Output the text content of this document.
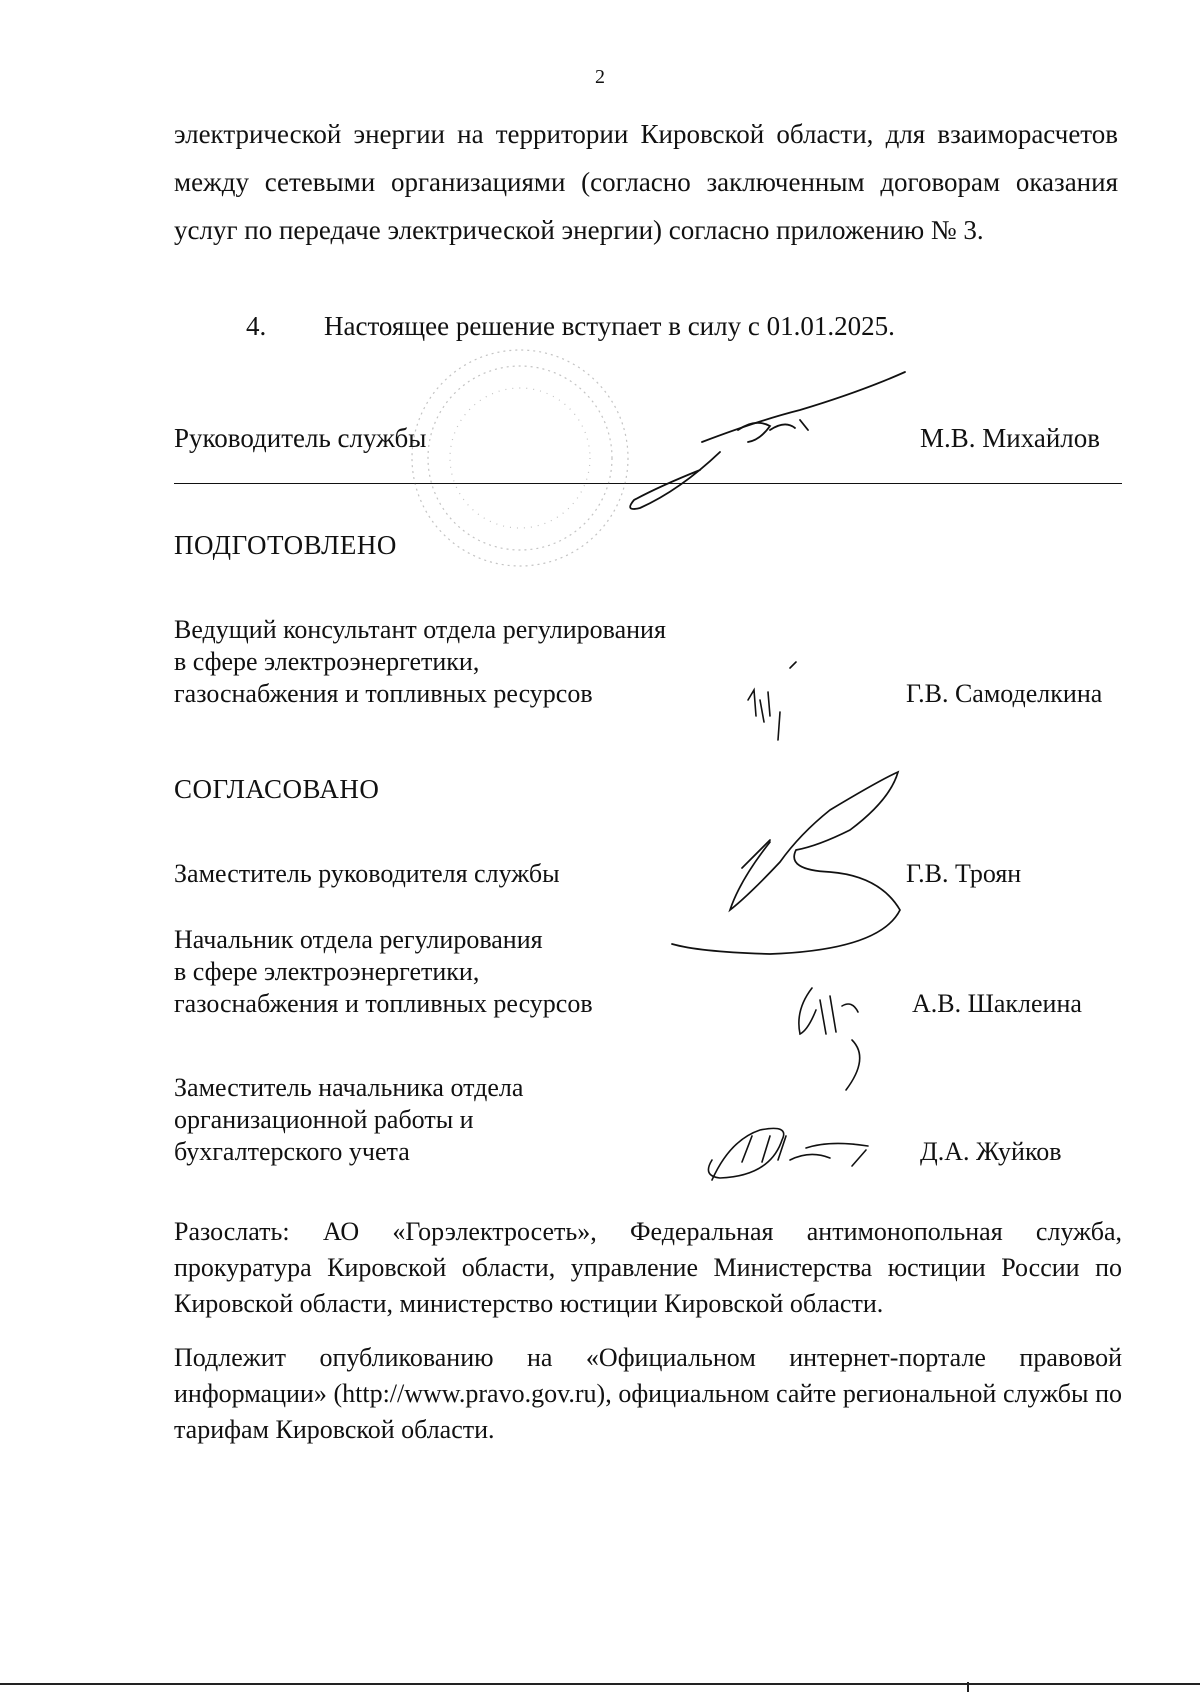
2
электрической энергии на территории Кировской области, для взаиморасчетов между сетевыми организациями (согласно заключенным договорам оказания услуг по передаче электрической энергии) согласно приложению № 3.
4. Настоящее решение вступает в силу с 01.01.2025.
Руководитель службы	М.В. Михайлов
ПОДГОТОВЛЕНО
Ведущий консультант отдела регулирования
в сфере электроэнергетики,
газоснабжения и топливных ресурсов	Г.В. Самоделкина
СОГЛАСОВАНО
Заместитель руководителя службы	Г.В. Троян
Начальник отдела регулирования
в сфере электроэнергетики,
газоснабжения и топливных ресурсов	А.В. Шаклеина
Заместитель начальника отдела
организационной работы и
бухгалтерского учета	Д.А. Жуйков
Разослать: АО «Горэлектросеть», Федеральная антимонопольная служба, прокуратура Кировской области, управление Министерства юстиции России по Кировской области, министерство юстиции Кировской области.
Подлежит опубликованию на «Официальном интернет-портале правовой информации» (http://www.pravo.gov.ru), официальном сайте региональной службы по тарифам Кировской области.
